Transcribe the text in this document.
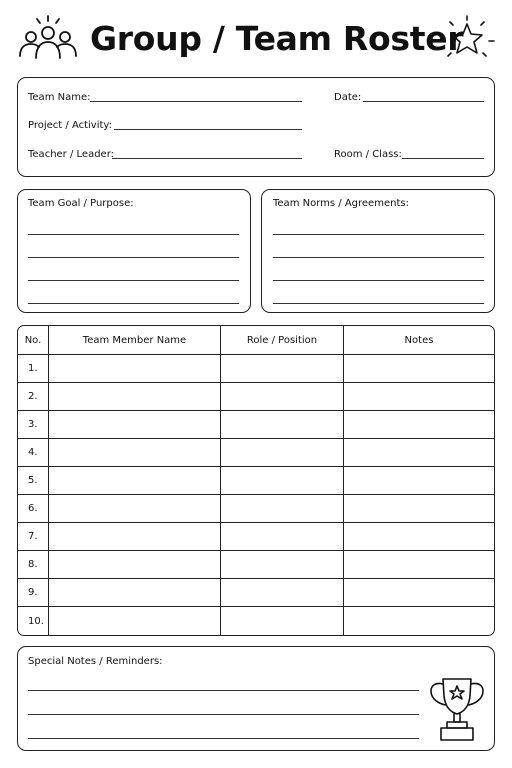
Group / Team Roster
Team Name:	Date:
Project / Activity:
Teacher / Leader:	Room / Class:
Team Goal / Purpose:	Team Norms / Agreements:
No.	Team Member Name	Role / Position	Notes
1.			
2.			
3.			
4.			
5.			
6.			
7.			
8.			
9.			
10.			
Special Notes / Reminders:
